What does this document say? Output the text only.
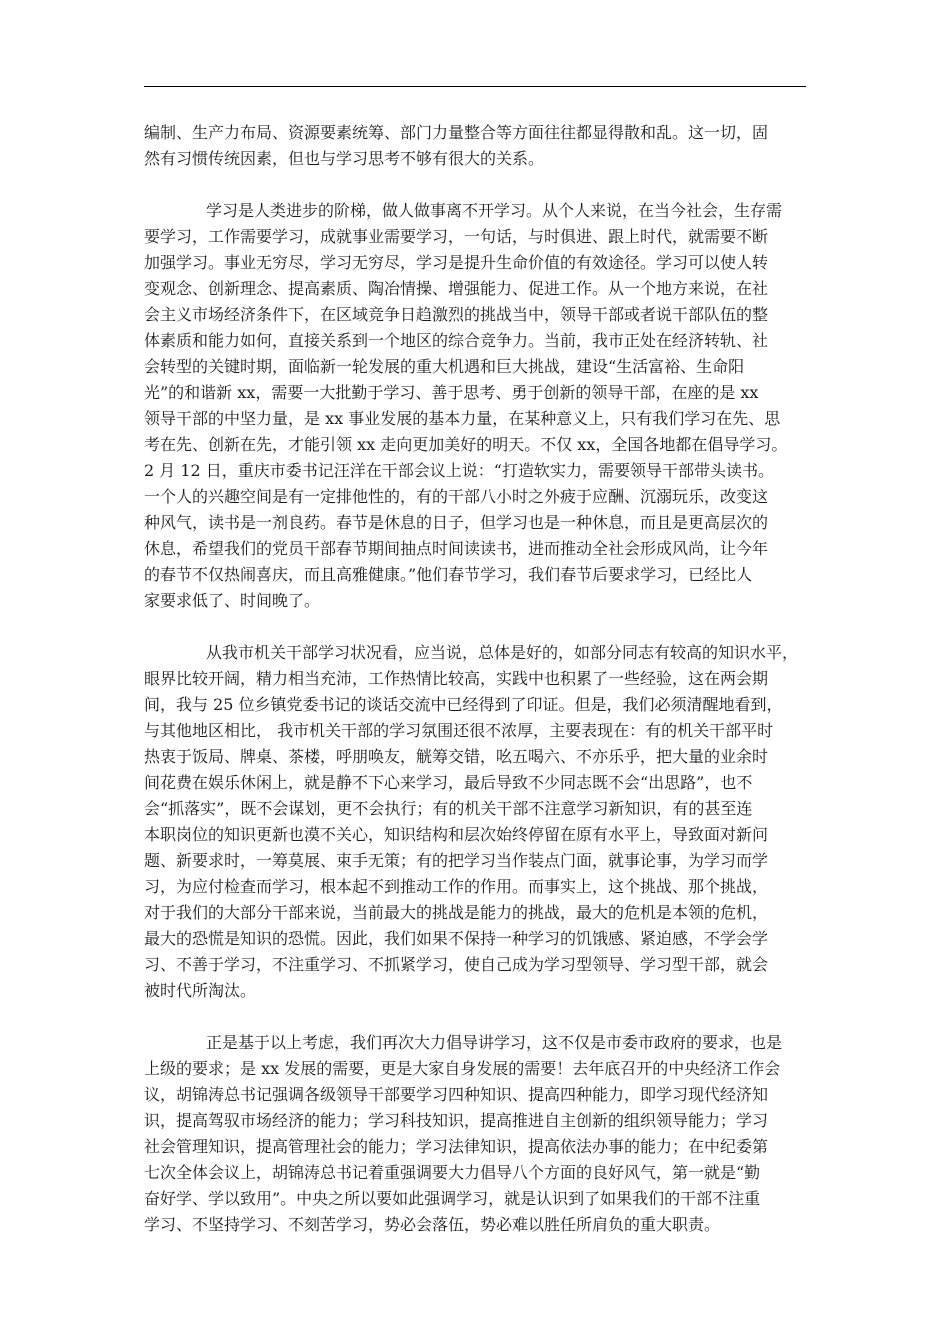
编制、生产力布局、资源要素统筹、部门力量整合等方面往往都显得散和乱。这一切，固
然有习惯传统因素，但也与学习思考不够有很大的关系。
学习是人类进步的阶梯，做人做事离不开学习。从个人来说，在当今社会，生存需
要学习，工作需要学习，成就事业需要学习，一句话，与时俱进、跟上时代，就需要不断
加强学习。事业无穷尽，学习无穷尽，学习是提升生命价值的有效途径。学习可以使人转
变观念、创新理念、提高素质、陶冶情操、增强能力、促进工作。从一个地方来说，在社
会主义市场经济条件下，在区域竞争日趋激烈的挑战当中，领导干部或者说干部队伍的整
体素质和能力如何，直接关系到一个地区的综合竞争力。当前，我市正处在经济转轨、社
会转型的关键时期，面临新一轮发展的重大机遇和巨大挑战，建设“生活富裕、生命阳
光”的和谐新 xx，需要一大批勤于学习、善于思考、勇于创新的领导干部，在座的是 xx
领导干部的中坚力量，是 xx 事业发展的基本力量，在某种意义上，只有我们学习在先、思
考在先、创新在先，才能引领 xx 走向更加美好的明天。不仅 xx，全国各地都在倡导学习。
2 月 12 日，重庆市委书记汪洋在干部会议上说：“打造软实力，需要领导干部带头读书。
一个人的兴趣空间是有一定排他性的，有的干部八小时之外疲于应酬、沉溺玩乐，改变这
种风气，读书是一剂良药。春节是休息的日子，但学习也是一种休息，而且是更高层次的
休息，希望我们的党员干部春节期间抽点时间读读书，进而推动全社会形成风尚，让今年
的春节不仅热闹喜庆，而且高雅健康。”他们春节学习，我们春节后要求学习，已经比人
家要求低了、时间晚了。
从我市机关干部学习状况看，应当说，总体是好的，如部分同志有较高的知识水平，
眼界比较开阔，精力相当充沛，工作热情比较高，实践中也积累了一些经验，这在两会期
间，我与 25 位乡镇党委书记的谈话交流中已经得到了印证。但是，我们必须清醒地看到，
与其他地区相比， 我市机关干部的学习氛围还很不浓厚，主要表现在：有的机关干部平时
热衷于饭局、牌桌、茶楼，呼朋唤友，觥筹交错，吆五喝六、不亦乐乎，把大量的业余时
间花费在娱乐休闲上，就是静不下心来学习，最后导致不少同志既不会“出思路”，也不
会“抓落实”，既不会谋划，更不会执行；有的机关干部不注意学习新知识，有的甚至连
本职岗位的知识更新也漠不关心，知识结构和层次始终停留在原有水平上，导致面对新问
题、新要求时，一筹莫展、束手无策；有的把学习当作装点门面，就事论事，为学习而学
习，为应付检查而学习，根本起不到推动工作的作用。而事实上，这个挑战、那个挑战，
对于我们的大部分干部来说，当前最大的挑战是能力的挑战，最大的危机是本领的危机，
最大的恐慌是知识的恐慌。因此，我们如果不保持一种学习的饥饿感、紧迫感，不学会学
习、不善于学习，不注重学习、不抓紧学习，使自己成为学习型领导、学习型干部，就会
被时代所淘汰。
正是基于以上考虑，我们再次大力倡导讲学习，这不仅是市委市政府的要求，也是
上级的要求；是 xx 发展的需要，更是大家自身发展的需要！去年底召开的中央经济工作会
议，胡锦涛总书记强调各级领导干部要学习四种知识、提高四种能力，即学习现代经济知
识，提高驾驭市场经济的能力；学习科技知识，提高推进自主创新的组织领导能力；学习
社会管理知识，提高管理社会的能力；学习法律知识，提高依法办事的能力；在中纪委第
七次全体会议上，胡锦涛总书记着重强调要大力倡导八个方面的良好风气，第一就是“勤
奋好学、学以致用”。中央之所以要如此强调学习，就是认识到了如果我们的干部不注重
学习、不坚持学习、不刻苦学习，势必会落伍，势必难以胜任所肩负的重大职责。
